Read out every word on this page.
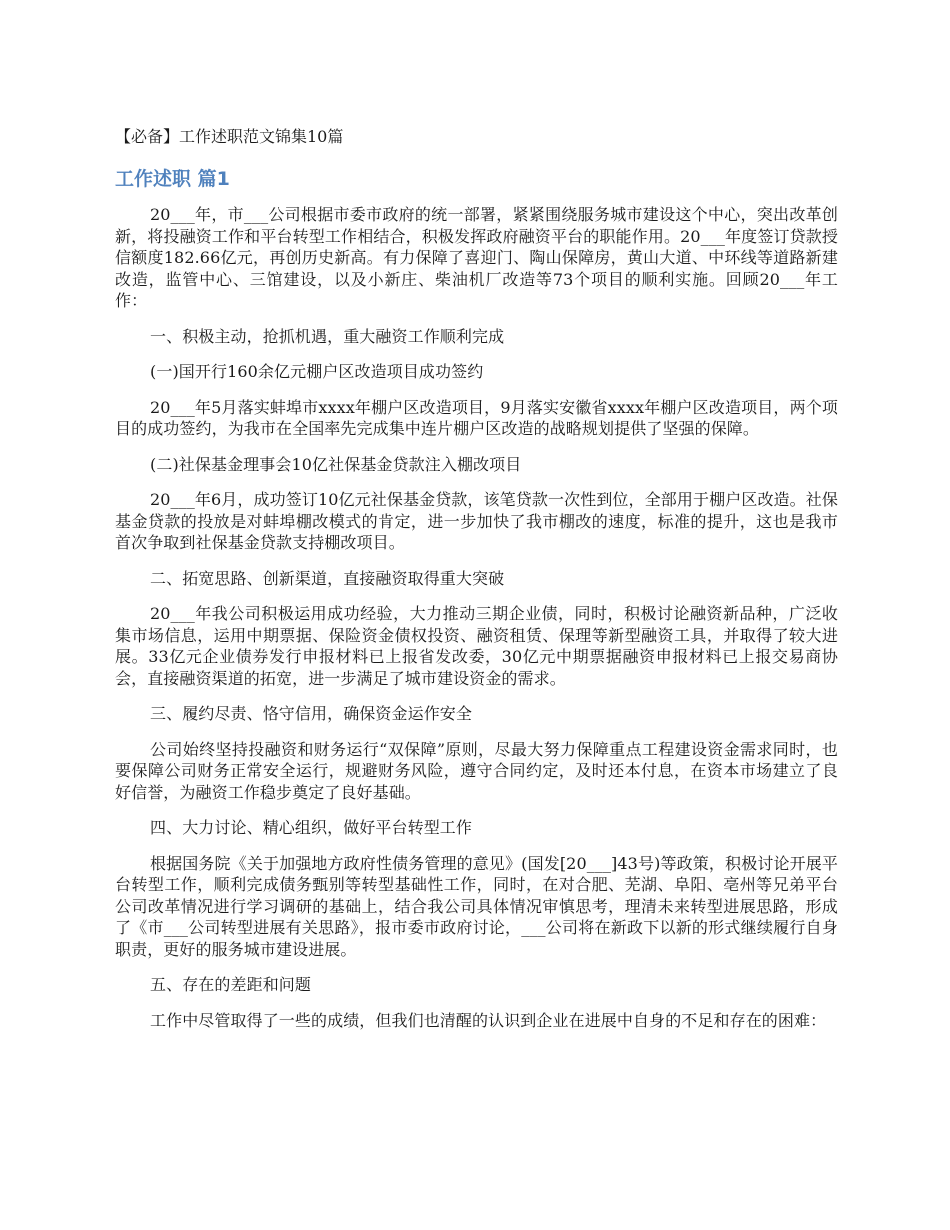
【必备】工作述职范文锦集10篇
工作述职 篇1

20___年，市___公司根据市委市政府的统一部署，紧紧围绕服务城市建设这个中心，突出改革创新，将投融资工作和平台转型工作相结合，积极发挥政府融资平台的职能作用。20___年度签订贷款授信额度182.66亿元，再创历史新高。有力保障了喜迎门、陶山保障房，黄山大道、中环线等道路新建改造，监管中心、三馆建设，以及小新庄、柴油机厂改造等73个项目的顺利实施。回顾20___年工作：

一、积极主动，抢抓机遇，重大融资工作顺利完成

(一)国开行160余亿元棚户区改造项目成功签约

20___年5月落实蚌埠市xxxx年棚户区改造项目，9月落实安徽省xxxx年棚户区改造项目，两个项目的成功签约，为我市在全国率先完成集中连片棚户区改造的战略规划提供了坚强的保障。

(二)社保基金理事会10亿社保基金贷款注入棚改项目

20___年6月，成功签订10亿元社保基金贷款，该笔贷款一次性到位，全部用于棚户区改造。社保基金贷款的投放是对蚌埠棚改模式的肯定，进一步加快了我市棚改的速度，标准的提升，这也是我市首次争取到社保基金贷款支持棚改项目。

二、拓宽思路、创新渠道，直接融资取得重大突破

20___年我公司积极运用成功经验，大力推动三期企业债，同时，积极讨论融资新品种，广泛收集市场信息，运用中期票据、保险资金债权投资、融资租赁、保理等新型融资工具，并取得了较大进展。33亿元企业债券发行申报材料已上报省发改委，30亿元中期票据融资申报材料已上报交易商协会，直接融资渠道的拓宽，进一步满足了城市建设资金的需求。

三、履约尽责、恪守信用，确保资金运作安全

公司始终坚持投融资和财务运行“双保障”原则，尽最大努力保障重点工程建设资金需求同时，也要保障公司财务正常安全运行，规避财务风险，遵守合同约定，及时还本付息，在资本市场建立了良好信誉，为融资工作稳步奠定了良好基础。

四、大力讨论、精心组织，做好平台转型工作

根据国务院《关于加强地方政府性债务管理的意见》(国发[20___]43号)等政策，积极讨论开展平台转型工作，顺利完成债务甄别等转型基础性工作，同时，在对合肥、芜湖、阜阳、亳州等兄弟平台公司改革情况进行学习调研的基础上，结合我公司具体情况审慎思考，理清未来转型进展思路，形成了《市___公司转型进展有关思路》，报市委市政府讨论，___公司将在新政下以新的形式继续履行自身职责，更好的服务城市建设进展。

五、存在的差距和问题

工作中尽管取得了一些的成绩，但我们也清醒的认识到企业在进展中自身的不足和存在的困难：
